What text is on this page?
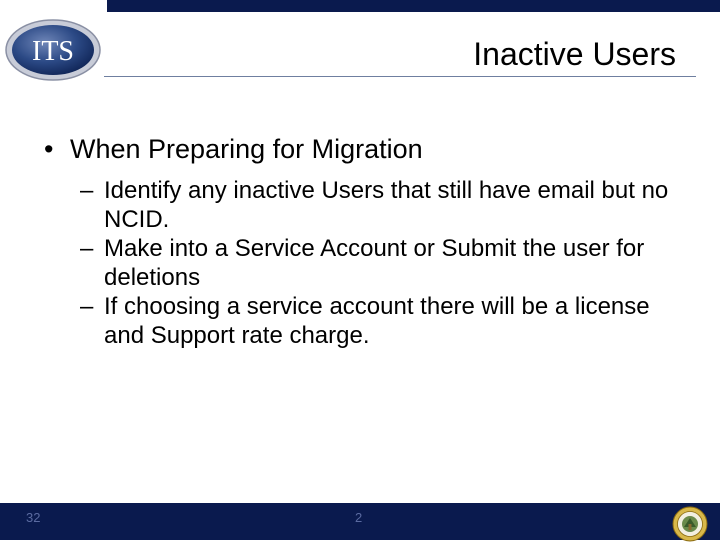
ITS	Inactive Users
• When Preparing for Migration
– Identify any inactive Users that still have email but no NCID.
– Make into a Service Account or Submit the user for deletions
– If choosing a service account there will be a license and Support rate charge.
32	2
